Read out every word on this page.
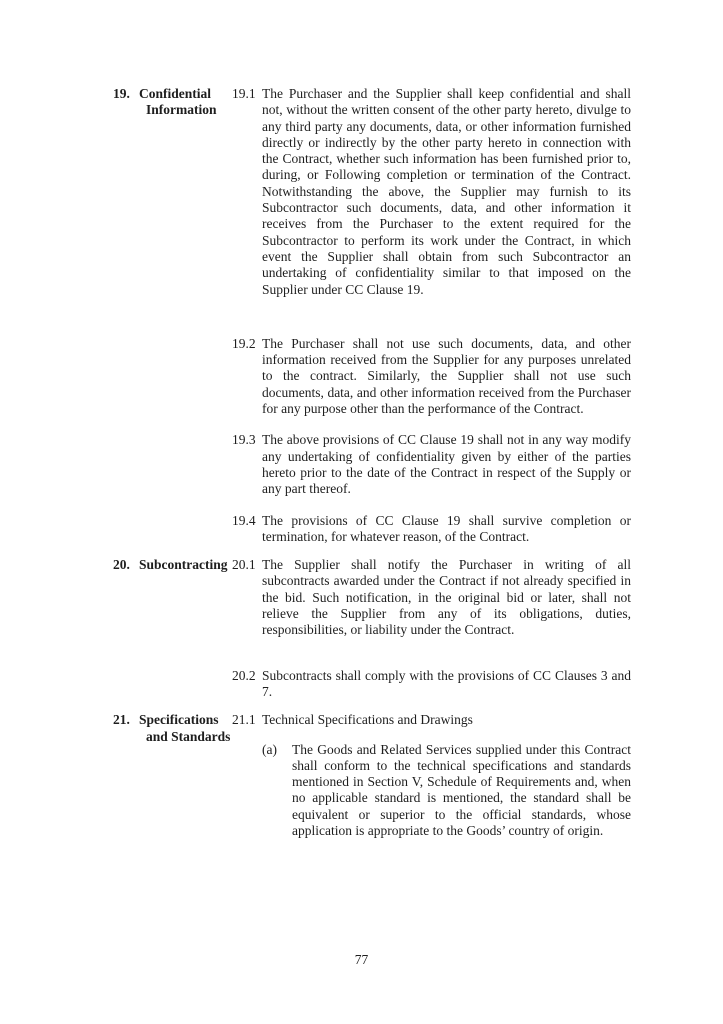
19. Confidential
Information
19.1 The Purchaser and the Supplier shall keep confidential and shall not, without the written consent of the other party hereto, divulge to any third party any documents, data, or other information furnished directly or indirectly by the other party hereto in connection with the Contract, whether such information has been furnished prior to, during, or Following completion or termination of the Contract. Notwithstanding the above, the Supplier may furnish to its Subcontractor such documents, data, and other information it receives from the Purchaser to the extent required for the Subcontractor to perform its work under the Contract, in which event the Supplier shall obtain from such Subcontractor an undertaking of confidentiality similar to that imposed on the Supplier under CC Clause 19.
19.2 The Purchaser shall not use such documents, data, and other information received from the Supplier for any purposes unrelated to the contract. Similarly, the Supplier shall not use such documents, data, and other information received from the Purchaser for any purpose other than the performance of the Contract.
19.3 The above provisions of CC Clause 19 shall not in any way modify any undertaking of confidentiality given by either of the parties hereto prior to the date of the Contract in respect of the Supply or any part thereof.
19.4 The provisions of CC Clause 19 shall survive completion or termination, for whatever reason, of the Contract.
20. Subcontracting 20.1 The Supplier shall notify the Purchaser in writing of all subcontracts awarded under the Contract if not already specified in the bid. Such notification, in the original bid or later, shall not relieve the Supplier from any of its obligations, duties, responsibilities, or liability under the Contract.
20.2 Subcontracts shall comply with the provisions of CC Clauses 3 and 7.
21. Specifications
and Standards
21.1 Technical Specifications and Drawings
(a)	The Goods and Related Services supplied under this Contract shall conform to the technical specifications and standards mentioned in Section V, Schedule of Requirements and, when no applicable standard is mentioned, the standard shall be equivalent or superior to the official standards, whose application is appropriate to the Goods’ country of origin.
77
